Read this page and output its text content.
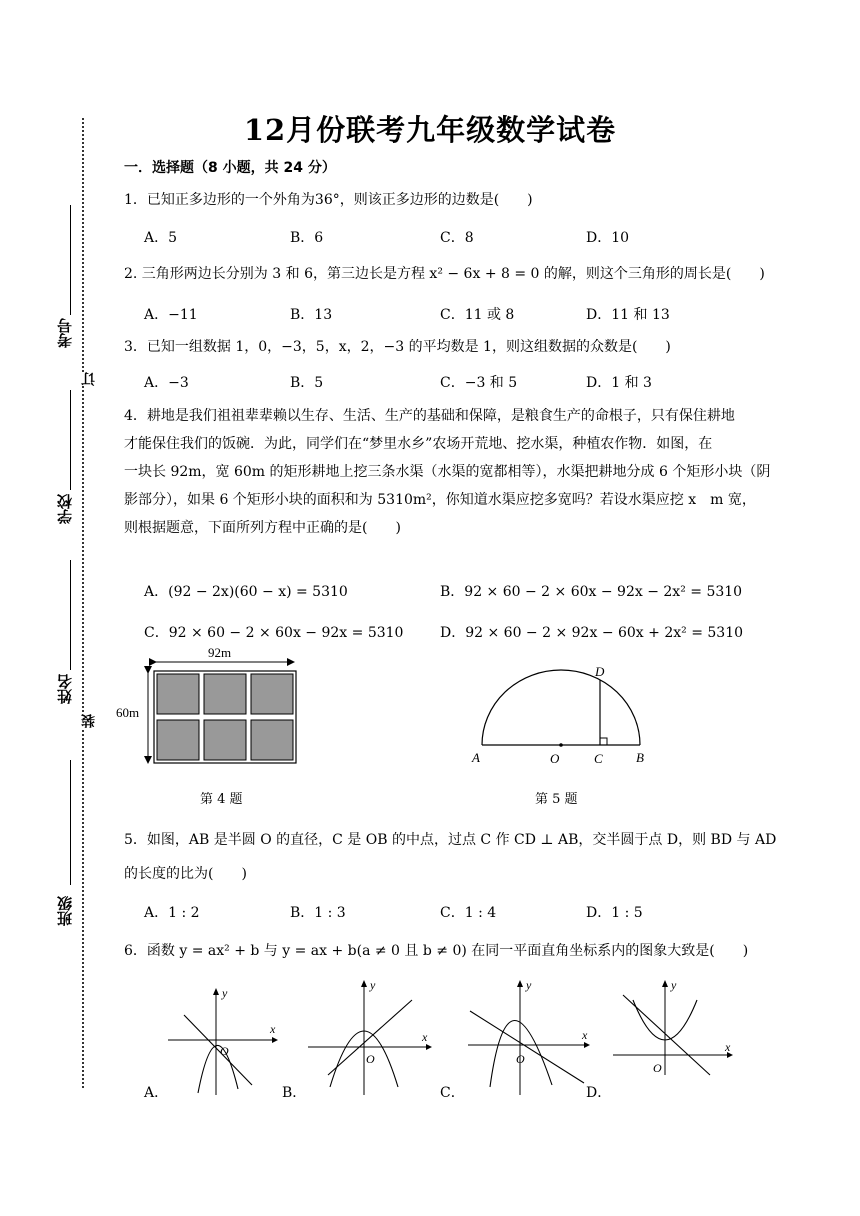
订
装
考号
学校
姓名
班级
12月份联考九年级数学试卷
一．选择题（8 小题，共 24 分）
1．已知正多边形的一个外角为36°，则该正多边形的边数是(　　)
A．5	B．6	C．8	D．10
2. 三角形两边长分别为 3 和 6，第三边长是方程 x² − 6x + 8 = 0 的解，则这个三角形的周长是(　　)
A．−11	B．13	C．11 或 8	D．11 和 13
3．已知一组数据 1，0，−3，5，x，2，−3 的平均数是 1，则这组数据的众数是(　　)
A．−3	B．5	C．−3 和 5	D．1 和 3
4．耕地是我们祖祖辈辈赖以生存、生活、生产的基础和保障，是粮食生产的命根子，只有保住耕地
才能保住我们的饭碗．为此，同学们在“梦里水乡”农场开荒地、挖水渠，种植农作物．如图，在
一块长 92m，宽 60m 的矩形耕地上挖三条水渠（水渠的宽都相等），水渠把耕地分成 6 个矩形小块（阴
影部分），如果 6 个矩形小块的面积和为 5310m²，你知道水渠应挖多宽吗？若设水渠应挖 x　m 宽，
则根据题意，下面所列方程中正确的是(　　)
A．(92 − 2x)(60 − x) = 5310	B．92 × 60 − 2 × 60x − 92x − 2x² = 5310
C．92 × 60 − 2 × 60x − 92x = 5310	D．92 × 60 − 2 × 92x − 60x + 2x² = 5310
92m
60m
第 4 题
A	O	C	B
D
第 5 题
5．如图，AB 是半圆 O 的直径，C 是 OB 的中点，过点 C 作 CD ⊥ AB，交半圆于点 D，则 BD 与 AD
的长度的比为(　　)
A．1 : 2	B．1 : 3	C．1 : 4	D．1 : 5
6．函数 y = ax² + b 与 y = ax + b(a ≠ 0 且 b ≠ 0) 在同一平面直角坐标系内的图象大致是(　　)
y
x
O
y
x
O
y
x
O
y
x
O
A．	B．	C．	D．
